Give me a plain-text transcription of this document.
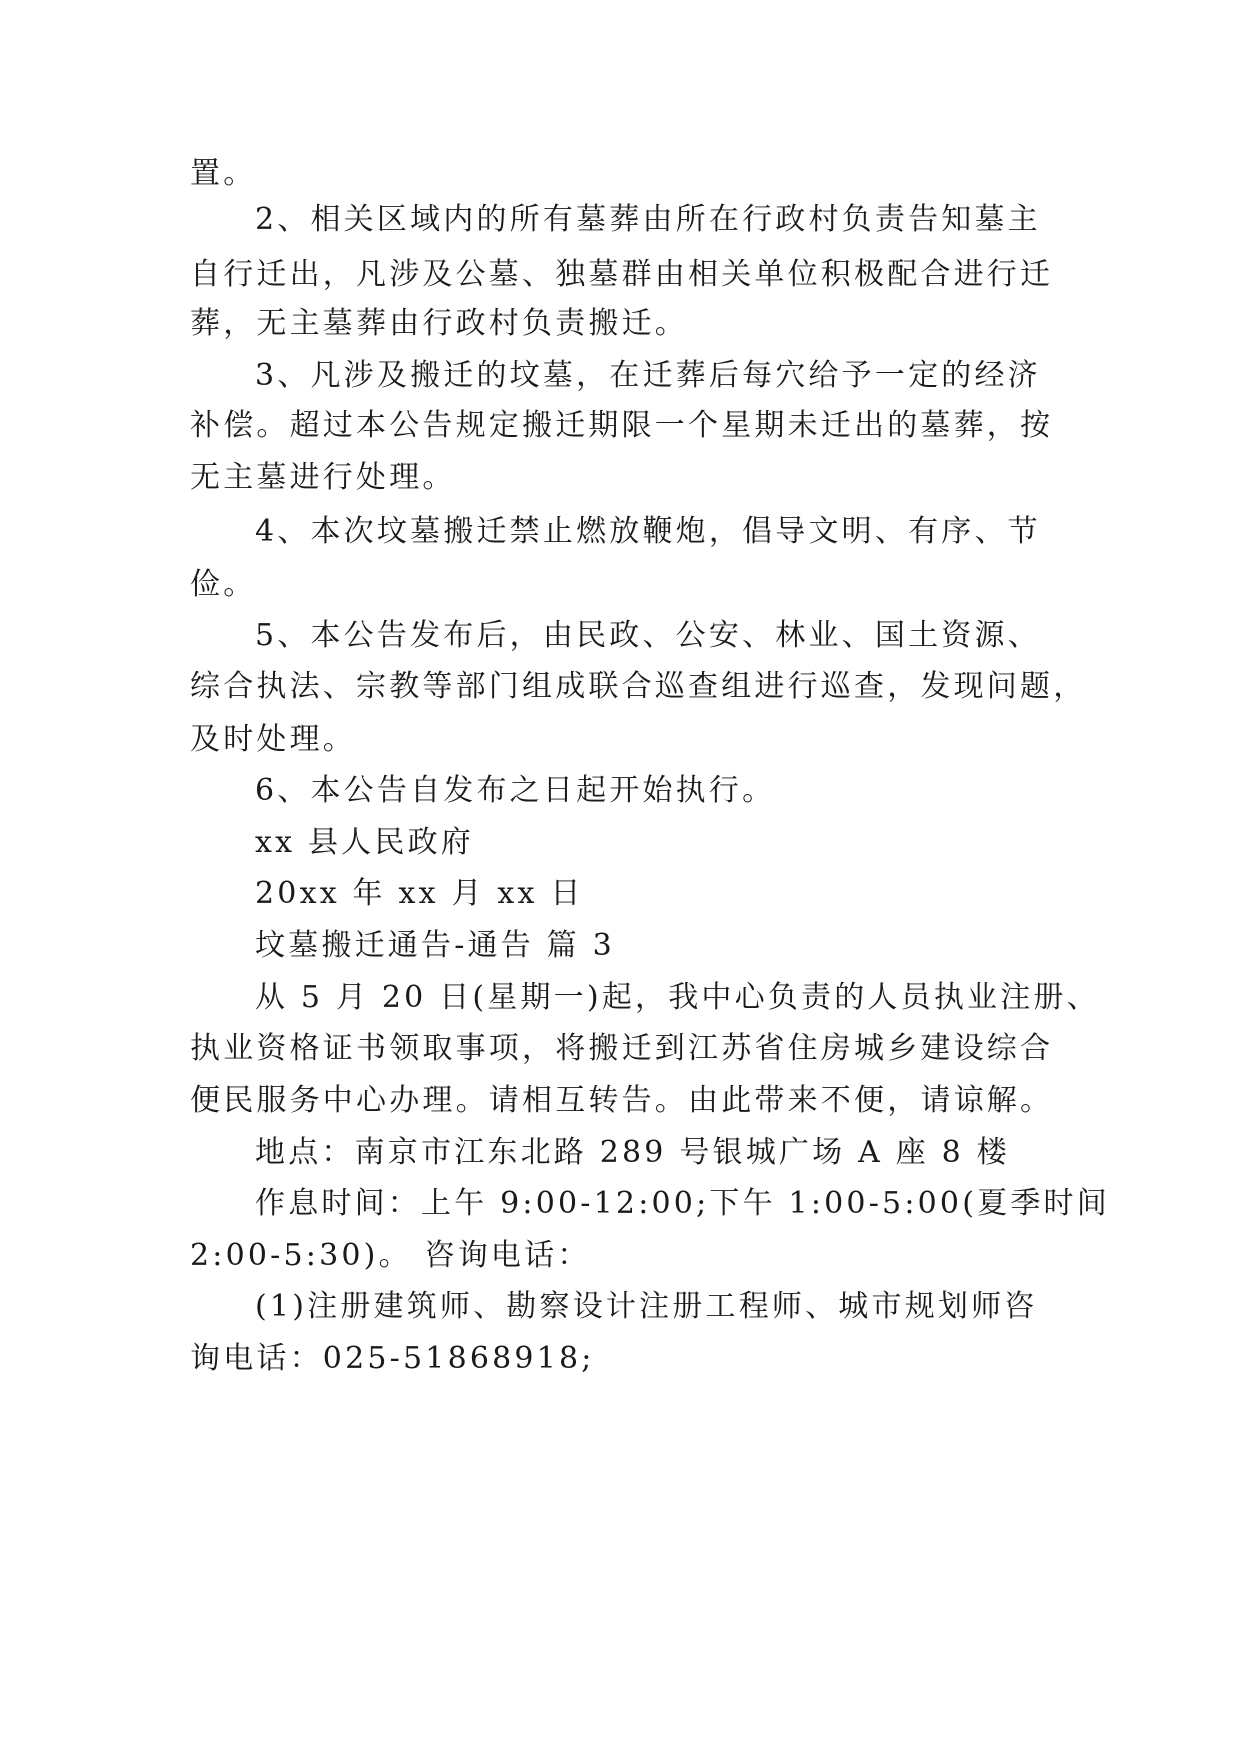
置。
2、相关区域内的所有墓葬由所在行政村负责告知墓主
自行迁出，凡涉及公墓、独墓群由相关单位积极配合进行迁
葬，无主墓葬由行政村负责搬迁。
3、凡涉及搬迁的坟墓，在迁葬后每穴给予一定的经济
补偿。超过本公告规定搬迁期限一个星期未迁出的墓葬，按
无主墓进行处理。
4、本次坟墓搬迁禁止燃放鞭炮，倡导文明、有序、节
俭。
5、本公告发布后，由民政、公安、林业、国土资源、
综合执法、宗教等部门组成联合巡查组进行巡查，发现问题，
及时处理。
6、本公告自发布之日起开始执行。
xx 县人民政府
20xx 年 xx 月 xx 日
坟墓搬迁通告-通告 篇 3
从 5 月 20 日(星期一)起，我中心负责的人员执业注册、
执业资格证书领取事项，将搬迁到江苏省住房城乡建设综合
便民服务中心办理。请相互转告。由此带来不便，请谅解。
地点：南京市江东北路 289 号银城广场 A 座 8 楼
作息时间：上午 9:00-12:00;下午 1:00-5:00(夏季时间
2:00-5:30)。 咨询电话：
(1)注册建筑师、勘察设计注册工程师、城市规划师咨
询电话：025-51868918;
